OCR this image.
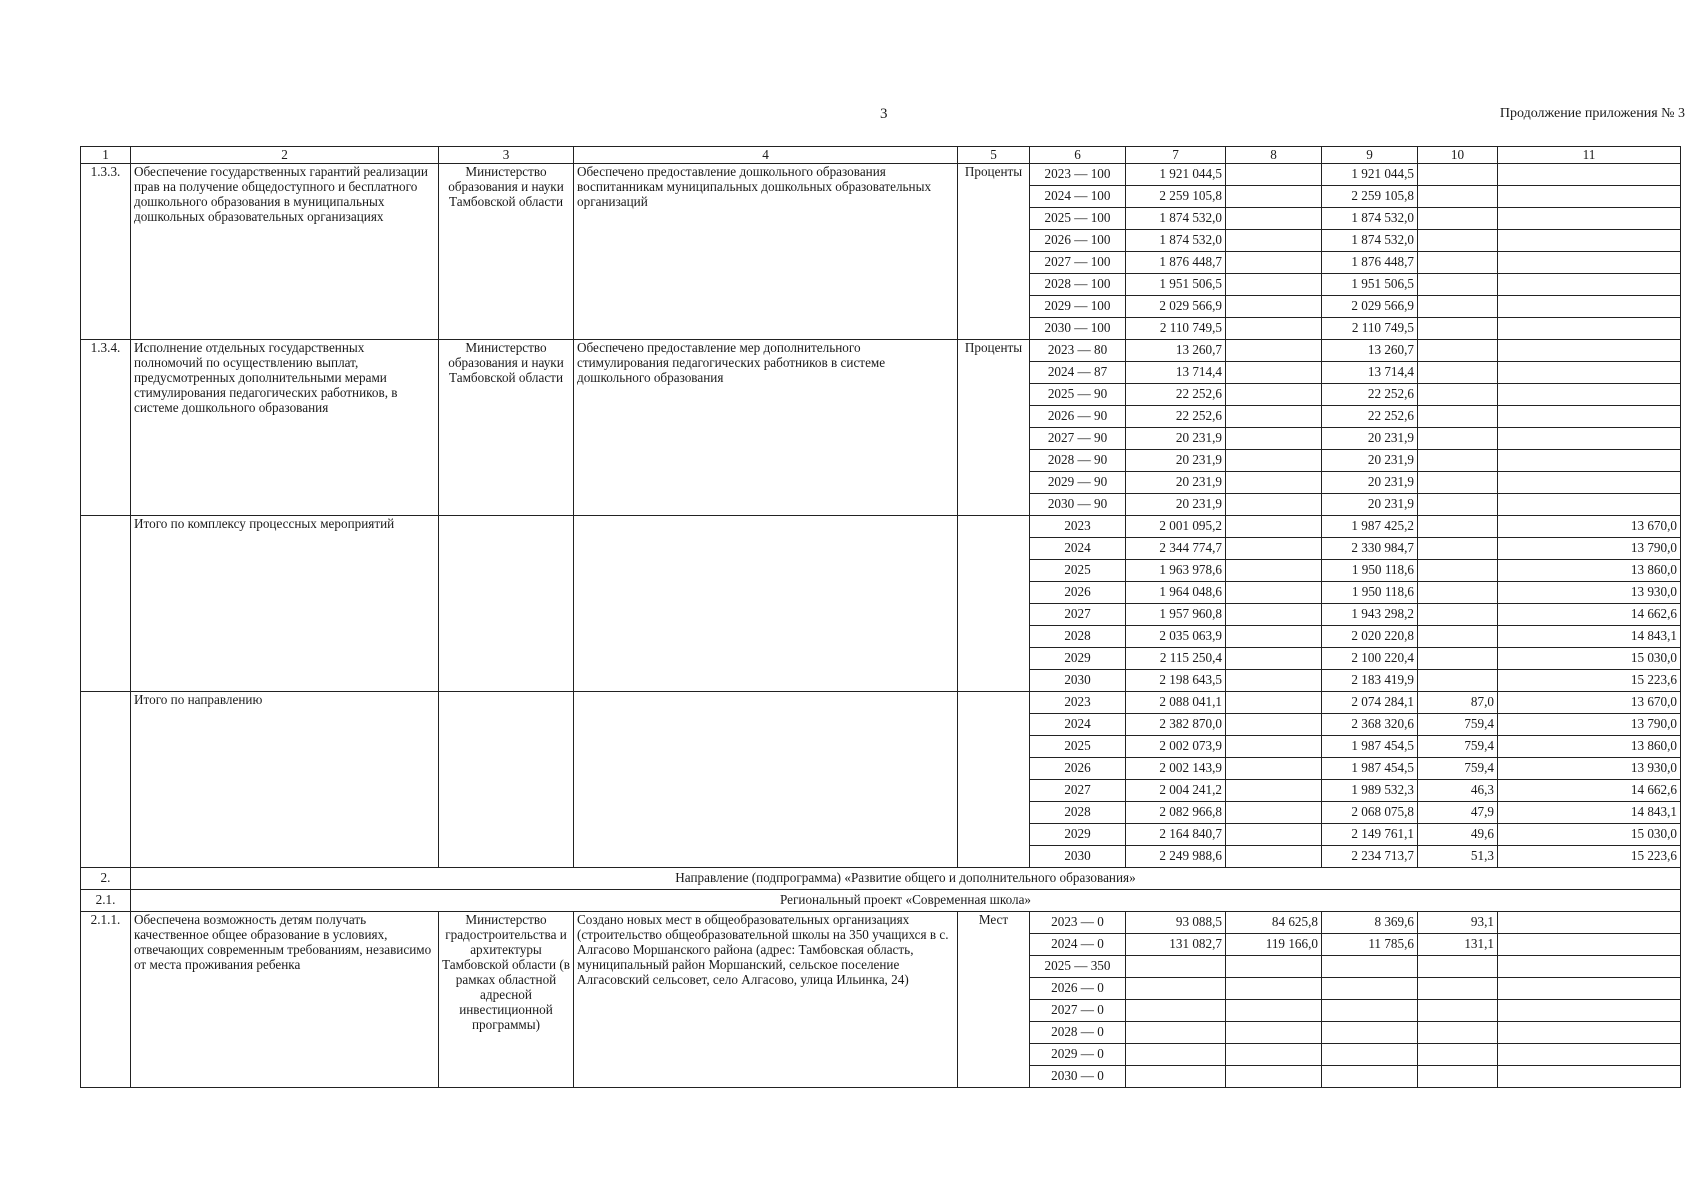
3	Продолжение приложения № 3
1	2	3	4	5	6	7	8	9	10	11
1.3.3.	Обеспечение государственных гарантий реализации прав на получение общедоступного и бесплатного дошкольного образования в муниципальных дошкольных образовательных организациях	Министерство образования и науки Тамбовской области	Обеспечено предоставление дошкольного образования воспитанникам муниципальных дошкольных образовательных организаций	Проценты	2023 — 100	1 921 044,5		1 921 044,5		
					2024 — 100	2 259 105,8		2 259 105,8		
					2025 — 100	1 874 532,0		1 874 532,0		
					2026 — 100	1 874 532,0		1 874 532,0		
					2027 — 100	1 876 448,7		1 876 448,7		
					2028 — 100	1 951 506,5		1 951 506,5		
					2029 — 100	2 029 566,9		2 029 566,9		
					2030 — 100	2 110 749,5		2 110 749,5		
1.3.4.	Исполнение отдельных государственных полномочий по осуществлению выплат, предусмотренных дополнительными мерами стимулирования педагогических работников, в системе дошкольного образования	Министерство образования и науки Тамбовской области	Обеспечено предоставление мер дополнительного стимулирования педагогических работников в системе дошкольного образования	Проценты	2023 — 80	13 260,7		13 260,7		
					2024 — 87	13 714,4		13 714,4		
					2025 — 90	22 252,6		22 252,6		
					2026 — 90	22 252,6		22 252,6		
					2027 — 90	20 231,9		20 231,9		
					2028 — 90	20 231,9		20 231,9		
					2029 — 90	20 231,9		20 231,9		
					2030 — 90	20 231,9		20 231,9		
	Итого по комплексу процессных мероприятий				2023	2 001 095,2		1 987 425,2		13 670,0
					2024	2 344 774,7		2 330 984,7		13 790,0
					2025	1 963 978,6		1 950 118,6		13 860,0
					2026	1 964 048,6		1 950 118,6		13 930,0
					2027	1 957 960,8		1 943 298,2		14 662,6
					2028	2 035 063,9		2 020 220,8		14 843,1
					2029	2 115 250,4		2 100 220,4		15 030,0
					2030	2 198 643,5		2 183 419,9		15 223,6
	Итого по направлению				2023	2 088 041,1		2 074 284,1	87,0	13 670,0
					2024	2 382 870,0		2 368 320,6	759,4	13 790,0
					2025	2 002 073,9		1 987 454,5	759,4	13 860,0
					2026	2 002 143,9		1 987 454,5	759,4	13 930,0
					2027	2 004 241,2		1 989 532,3	46,3	14 662,6
					2028	2 082 966,8		2 068 075,8	47,9	14 843,1
					2029	2 164 840,7		2 149 761,1	49,6	15 030,0
					2030	2 249 988,6		2 234 713,7	51,3	15 223,6
2.	Направление (подпрограмма) «Развитие общего и дополнительного образования»									
2.1.	Региональный проект «Современная школа»									
2.1.1.	Обеспечена возможность детям получать качественное общее образование в условиях, отвечающих современным требованиям, независимо от места проживания ребенка	Министерство градостроительства и архитектуры Тамбовской области (в рамках областной адресной инвестиционной программы)	Создано новых мест в общеобразовательных организациях (строительство общеобразовательной школы на 350 учащихся в с. Алгасово Моршанского района (адрес: Тамбовская область, муниципальный район Моршанский, сельское поселение Алгасовский сельсовет, село Алгасово, улица Ильинка, 24)	Мест	2023 — 0	93 088,5	84 625,8	8 369,6	93,1	
					2024 — 0	131 082,7	119 166,0	11 785,6	131,1	
					2025 — 350					
					2026 — 0					
					2027 — 0					
					2028 — 0					
					2029 — 0					
					2030 — 0					
